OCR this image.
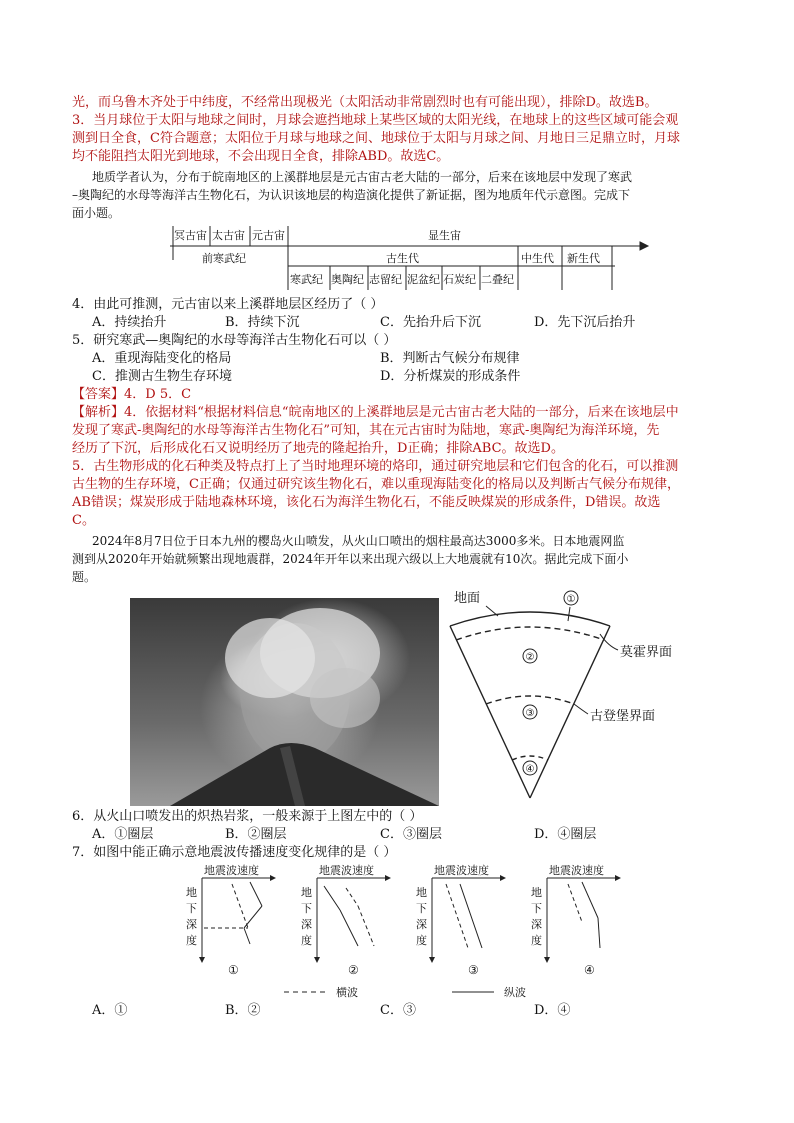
光，而乌鲁木齐处于中纬度，不经常出现极光（太阳活动非常剧烈时也有可能出现），排除D。故选B。
3．当月球位于太阳与地球之间时，月球会遮挡地球上某些区域的太阳光线，在地球上的这些区域可能会观
测到日全食，C符合题意；太阳位于月球与地球之间、地球位于太阳与月球之间、月地日三足鼎立时，月球
均不能阻挡太阳光到地球，不会出现日全食，排除ABD。故选C。
地质学者认为，分布于皖南地区的上溪群地层是元古宙古老大陆的一部分，后来在该地层中发现了寒武
–奥陶纪的水母等海洋古生物化石，为认识该地层的构造演化提供了新证据，图为地质年代示意图。完成下
面小题。
冥古宙 太古宙 元古宙	显生宙
前寒武纪	古生代
寒武纪 奥陶纪 志留纪 泥盆纪 石炭纪 二叠纪
中生代 新生代
4．由此可推测，元古宙以来上溪群地层区经历了（ ）
A．持续抬升	B．持续下沉	C．先抬升后下沉	D．先下沉后抬升
5．研究寒武—奥陶纪的水母等海洋古生物化石可以（ ）
A．重现海陆变化的格局	B．判断古气候分布规律
C．推测古生物生存环境	D．分析煤炭的形成条件
【答案】4．D 5．C
【解析】4．依据材料“根据材料信息“皖南地区的上溪群地层是元古宙古老大陆的一部分，后来在该地层中
发现了寒武-奥陶纪的水母等海洋古生物化石”可知，其在元古宙时为陆地，寒武-奥陶纪为海洋环境，先
经历了下沉，后形成化石又说明经历了地壳的隆起抬升，D正确；排除ABC。故选D。
5．古生物形成的化石种类及特点打上了当时地理环境的烙印，通过研究地层和它们包含的化石，可以推测
古生物的生存环境，C正确；仅通过研究该生物化石，难以重现海陆变化的格局以及判断古气候分布规律，
AB错误；煤炭形成于陆地森林环境，该化石为海洋生物化石，不能反映煤炭的形成条件，D错误。故选
C。
2024年8月7日位于日本九州的樱岛火山喷发，从火山口喷出的烟柱最高达3000多米。日本地震网监
测到从2020年开始就频繁出现地震群，2024年开年以来出现六级以上大地震就有10次。据此完成下面小
题。
地面
莫霍界面
古登堡界面
①
②
③
④
6．从火山口喷发出的炽热岩浆，一般来源于上图左中的（ ）
A．①圈层	B．②圈层	C．③圈层	D．④圈层
7．如图中能正确示意地震波传播速度变化规律的是（ ）
地震波速度	地震波速度	地震波速度	地震波速度
地
下
深
度
地
下
深
度
地
下
深
度
地
下
深
度
横波	纵波
①	②	③	④
A．①	B．②	C．③	D．④
